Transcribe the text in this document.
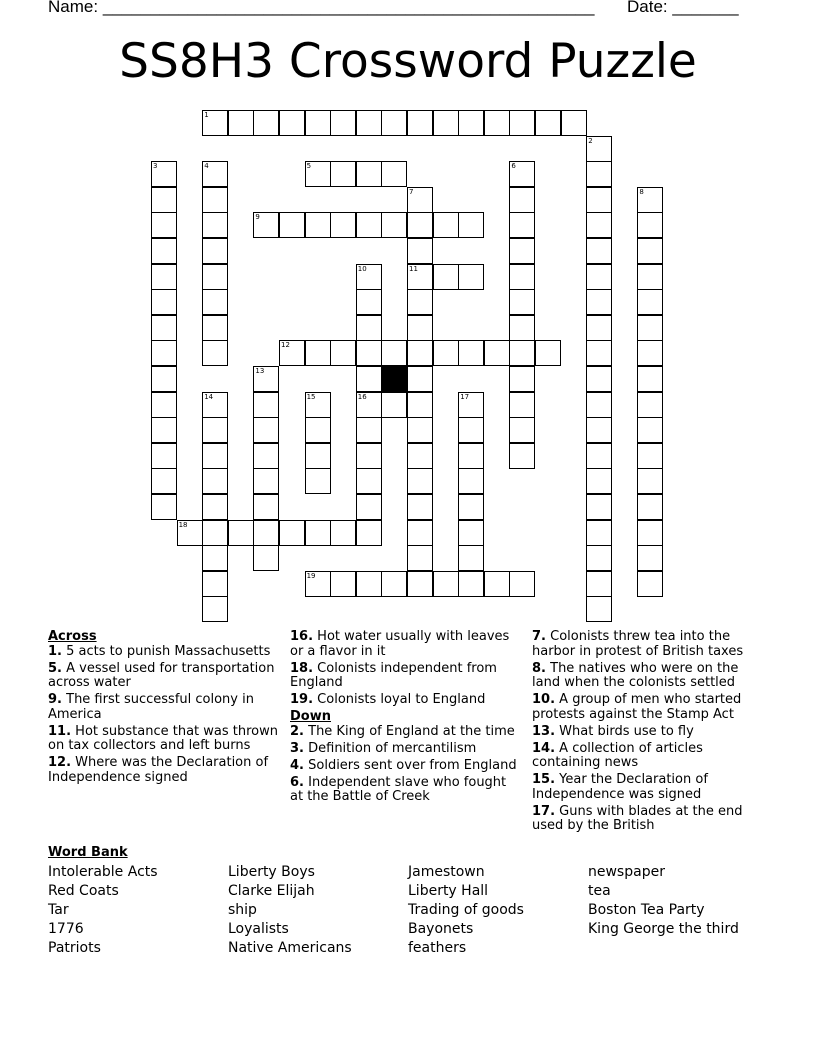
Name: ____________________________________________________ Date: _______
SS8H3 Crossword Puzzle
1
2
3	4	5	6
7	8
9
10	11
12
13
14	15	16	17
18
19
Across
1. 5 acts to punish Massachusetts
5. A vessel used for transportation across water
9. The first successful colony in America
11. Hot substance that was thrown on tax collectors and left burns
12. Where was the Declaration of Independence signed
16. Hot water usually with leaves or a flavor in it
18. Colonists independent from England
19. Colonists loyal to England
Down
2. The King of England at the time
3. Definition of mercantilism
4. Soldiers sent over from England
6. Independent slave who fought at the Battle of Creek
7. Colonists threw tea into the harbor in protest of British taxes
8. The natives who were on the land when the colonists settled
10. A group of men who started protests against the Stamp Act
13. What birds use to fly
14. A collection of articles containing news
15. Year the Declaration of Independence was signed
17. Guns with blades at the end used by the British
Word Bank
Intolerable Acts
Red Coats
Tar
1776
Patriots
Liberty Boys
Clarke Elijah
ship
Loyalists
Native Americans
Jamestown
Liberty Hall
Trading of goods
Bayonets
feathers
newspaper
tea
Boston Tea Party
King George the third
